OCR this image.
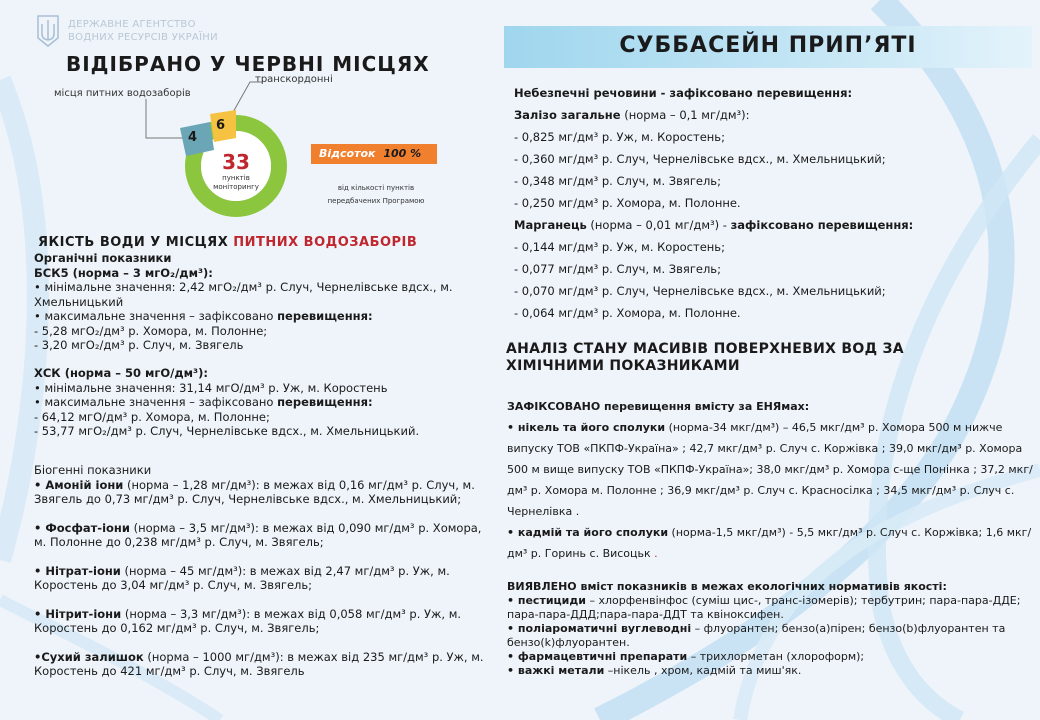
ДЕРЖАВНЕ АГЕНТСТВО
ВОДНИХ РЕСУРСІВ УКРАЇНИ
ВІДІБРАНО У ЧЕРВНІ МІСЦЯХ
транскордонні
місця питних водозаборів
4
6
33
пунктів
моніторингу
Відсоток 100 %
від кількості пунктів
передбачених Програмою
ЯКІСТЬ ВОДИ У МІСЦЯХ ПИТНИХ ВОДОЗАБОРІВ
Органічні показники
БСК5 (норма – 3 мгО₂/дм³):
• мінімальне значення: 2,42 мгО₂/дм³ р. Случ, Чернелівське вдсх., м. Хмельницький
• максимальне значення – зафіксовано перевищення:
- 5,28 мгО₂/дм³ р. Хомора, м. Полонне;
- 3,20 мгО₂/дм³ р. Случ, м. Звягель
ХСК (норма – 50 мгО/дм³):
• мінімальне значення: 31,14 мгО/дм³ р. Уж, м. Коростень
• максимальне значення – зафіксовано перевищення:
- 64,12 мгО/дм³ р. Хомора, м. Полонне;
- 53,77 мгО₂/дм³ р. Случ, Чернелівське вдсх., м. Хмельницький.
Біогенні показники
• Амоній іони (норма – 1,28 мг/дм³): в межах від 0,16 мг/дм³ р. Случ, м. Звягель до 0,73 мг/дм³ р. Случ, Чернелівське вдсх., м. Хмельницький;
• Фосфат-іони (норма – 3,5 мг/дм³): в межах від 0,090 мг/дм³ р. Хомора, м. Полонне до 0,238 мг/дм³ р. Случ, м. Звягель;
• Нітрат-іони (норма – 45 мг/дм³): в межах від 2,47 мг/дм³ р. Уж, м. Коростень до 3,04 мг/дм³ р. Случ, м. Звягель;
• Нітрит-іони (норма – 3,3 мг/дм³): в межах від 0,058 мг/дм³ р. Уж, м. Коростень до 0,162 мг/дм³ р. Случ, м. Звягель;
•Сухий залишок (норма – 1000 мг/дм³): в межах від 235 мг/дм³ р. Уж, м. Коростень до 421 мг/дм³ р. Случ, м. Звягель
СУББАСЕЙН ПРИП’ЯТІ
Небезпечні речовини - зафіксовано перевищення:
Залізо загальне (норма – 0,1 мг/дм³):
- 0,825 мг/дм³ р. Уж, м. Коростень;
- 0,360 мг/дм³ р. Случ, Чернелівське вдсх., м. Хмельницький;
- 0,348 мг/дм³ р. Случ, м. Звягель;
- 0,250 мг/дм³ р. Хомора, м. Полонне.
Марганець (норма – 0,01 мг/дм³) - зафіксовано перевищення:
- 0,144 мг/дм³ р. Уж, м. Коростень;
- 0,077 мг/дм³ р. Случ, м. Звягель;
- 0,070 мг/дм³ р. Случ, Чернелівське вдсх., м. Хмельницький;
- 0,064 мг/дм³ р. Хомора, м. Полонне.
АНАЛІЗ СТАНУ МАСИВІВ ПОВЕРХНЕВИХ ВОД ЗА ХІМІЧНИМИ ПОКАЗНИКАМИ
ЗАФІКСОВАНО перевищення вмісту за ЕНЯмах:
• нікель та його сполуки (норма-34 мкг/дм³) – 46,5 мкг/дм³ р. Хомора 500 м нижче випуску ТОВ «ПКПФ-Україна» ; 42,7 мкг/дм³ р. Случ с. Коржівка ; 39,0 мкг/дм³ р. Хомора 500 м вище випуску ТОВ «ПКПФ-Україна»; 38,0 мкг/дм³ р. Хомора с-ще Понінка ; 37,2 мкг/дм³ р. Хомора м. Полонне ; 36,9 мкг/дм³ р. Случ с. Красносілка ; 34,5 мкг/дм³ р. Случ с. Чернелівка .
• кадмій та його сполуки (норма-1,5 мкг/дм³) - 5,5 мкг/дм³ р. Случ с. Коржівка; 1,6 мкг/дм³ р. Горинь с. Висоцьк .
ВИЯВЛЕНО вміст показників в межах екологічних нормативів якості:
• пестициди – хлорфенвінфос (суміш цис-, транс-ізомерів); тербутрин; пара-пара-ДДЕ; пара-пара-ДДД;пара-пара-ДДТ та квіноксифен.
• поліароматичні вуглеводні – флуорантен; бензо(а)пірен; бензо(b)флуорантен та бензо(k)флуорантен.
• фармацевтичні препарати – трихлорметан (хлороформ);
• важкі метали –нікель , хром, кадмій та миш'як.
